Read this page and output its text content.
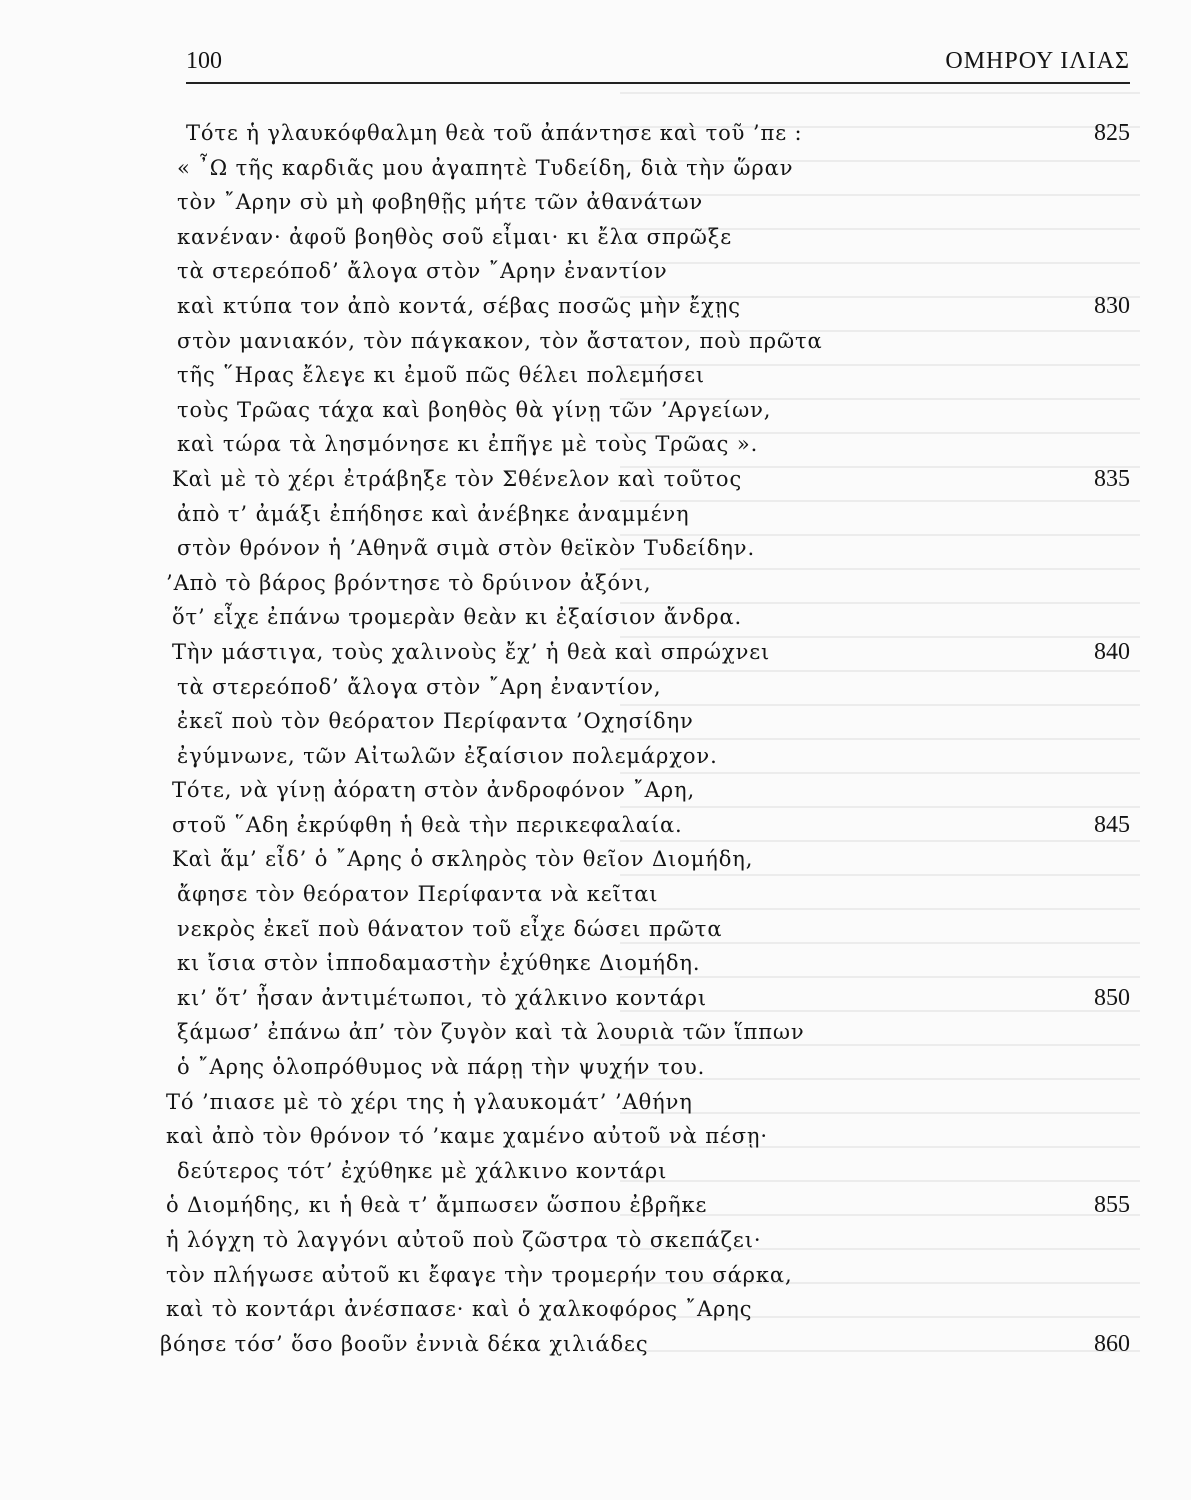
100	ΟΜΗΡΟΥ ΙΛΙΑΣ
Τότε ἡ γλαυκόφθαλμη θεὰ τοῦ ἀπάντησε καὶ τοῦ ’πε :	825
« ῏Ω τῆς καρδιᾶς μου ἀγαπητὲ Τυδείδη, διὰ τὴν ὥραν
τὸν ῎Αρην σὺ μὴ φοβηθῇς μήτε τῶν ἀθανάτων
κανέναν· ἀφοῦ βοηθὸς σοῦ εἶμαι· κι ἔλα σπρῶξε
τὰ στερεόποδ’ ἄλογα στὸν ῎Αρην ἐναντίον
καὶ κτύπα τον ἀπὸ κοντά, σέβας ποσῶς μὴν ἔχῃς	830
στὸν μανιακόν, τὸν πάγκακον, τὸν ἄστατον, ποὺ πρῶτα
τῆς ῞Ηρας ἔλεγε κι ἐμοῦ πῶς θέλει πολεμήσει
τοὺς Τρῶας τάχα καὶ βοηθὸς θὰ γίνῃ τῶν ’Αργείων,
καὶ τώρα τὰ λησμόνησε κι ἐπῆγε μὲ τοὺς Τρῶας ».
Καὶ μὲ τὸ χέρι ἐτράβηξε τὸν Σθένελον καὶ τοῦτος	835
ἀπὸ τ’ ἀμάξι ἐπήδησε καὶ ἀνέβηκε ἀναμμένη
στὸν θρόνον ἡ ’Αθηνᾶ σιμὰ στὸν θεϊκὸν Τυδείδην.
’Απὸ τὸ βάρος βρόντησε τὸ δρύινον ἀξόνι,
ὅτ’ εἶχε ἐπάνω τρομερὰν θεὰν κι ἐξαίσιον ἄνδρα.
Τὴν μάστιγα, τοὺς χαλινοὺς ἔχ’ ἡ θεὰ καὶ σπρώχνει	840
τὰ στερεόποδ’ ἄλογα στὸν ῎Αρη ἐναντίον,
ἐκεῖ ποὺ τὸν θεόρατον Περίφαντα ’Οχησίδην
ἐγύμνωνε, τῶν Αἰτωλῶν ἐξαίσιον πολεμάρχον.
Τότε, νὰ γίνῃ ἀόρατη στὸν ἀνδροφόνον ῎Αρη,
στοῦ ῞Αδη ἐκρύφθη ἡ θεὰ τὴν περικεφαλαία.	845
Καὶ ἅμ’ εἶδ’ ὁ ῎Αρης ὁ σκληρὸς τὸν θεῖον Διομήδη,
ἄφησε τὸν θεόρατον Περίφαντα νὰ κεῖται
νεκρὸς ἐκεῖ ποὺ θάνατον τοῦ εἶχε δώσει πρῶτα
κι ἴσια στὸν ἱπποδαμαστὴν ἐχύθηκε Διομήδη.
κι’ ὅτ’ ἦσαν ἀντιμέτωποι, τὸ χάλκινο κοντάρι	850
ξάμωσ’ ἐπάνω ἀπ’ τὸν ζυγὸν καὶ τὰ λουριὰ τῶν ἵππων
ὁ ῎Αρης ὁλοπρόθυμος νὰ πάρῃ τὴν ψυχήν του.
Τό ’πιασε μὲ τὸ χέρι της ἡ γλαυκομάτ’ ’Αθήνη
καὶ ἀπὸ τὸν θρόνον τό ’καμε χαμένο αὐτοῦ νὰ πέσῃ·
δεύτερος τότ’ ἐχύθηκε μὲ χάλκινο κοντάρι
ὁ Διομήδης, κι ἡ θεὰ τ’ ἄμπωσεν ὥσπου ἐβρῆκε	855
ἡ λόγχη τὸ λαγγόνι αὐτοῦ ποὺ ζῶστρα τὸ σκεπάζει·
τὸν πλήγωσε αὐτοῦ κι ἔφαγε τὴν τρομερήν του σάρκα,
καὶ τὸ κοντάρι ἀνέσπασε· καὶ ὁ χαλκοφόρος ῎Αρης
βόησε τόσ’ ὅσο βοοῦν ἐννιὰ δέκα χιλιάδες	860
